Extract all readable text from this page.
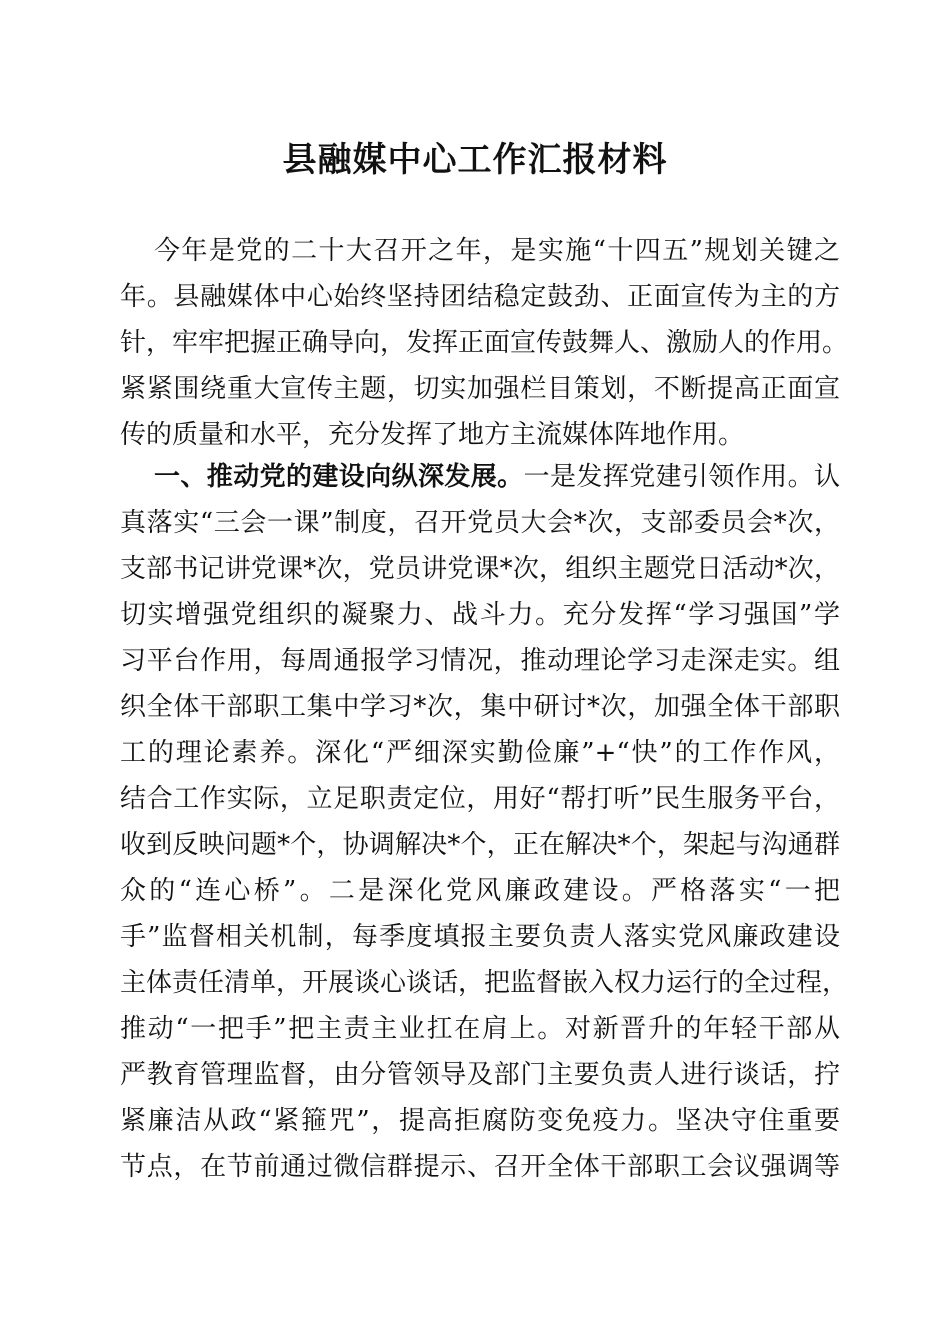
县融媒中心工作汇报材料
今年是党的二十大召开之年，是实施“十四五”规划关键之
年。县融媒体中心始终坚持团结稳定鼓劲、正面宣传为主的方
针，牢牢把握正确导向，发挥正面宣传鼓舞人、激励人的作用。
紧紧围绕重大宣传主题，切实加强栏目策划，不断提高正面宣
传的质量和水平，充分发挥了地方主流媒体阵地作用。
一、推动党的建设向纵深发展。一是发挥党建引领作用。认
真落实“三会一课”制度，召开党员大会*次，支部委员会*次，
支部书记讲党课*次，党员讲党课*次，组织主题党日活动*次，
切实增强党组织的凝聚力、战斗力。充分发挥“学习强国”学
习平台作用，每周通报学习情况，推动理论学习走深走实。组
织全体干部职工集中学习*次，集中研讨*次，加强全体干部职
工的理论素养。深化“严细深实勤俭廉”+“快”的工作作风，
结合工作实际，立足职责定位，用好“帮打听”民生服务平台，
收到反映问题*个，协调解决*个，正在解决*个，架起与沟通群
众的“连心桥”。二是深化党风廉政建设。严格落实“一把
手”监督相关机制，每季度填报主要负责人落实党风廉政建设
主体责任清单，开展谈心谈话，把监督嵌入权力运行的全过程，
推动“一把手”把主责主业扛在肩上。对新晋升的年轻干部从
严教育管理监督，由分管领导及部门主要负责人进行谈话，拧
紧廉洁从政“紧箍咒”，提高拒腐防变免疫力。坚决守住重要
节点，在节前通过微信群提示、召开全体干部职工会议强调等
